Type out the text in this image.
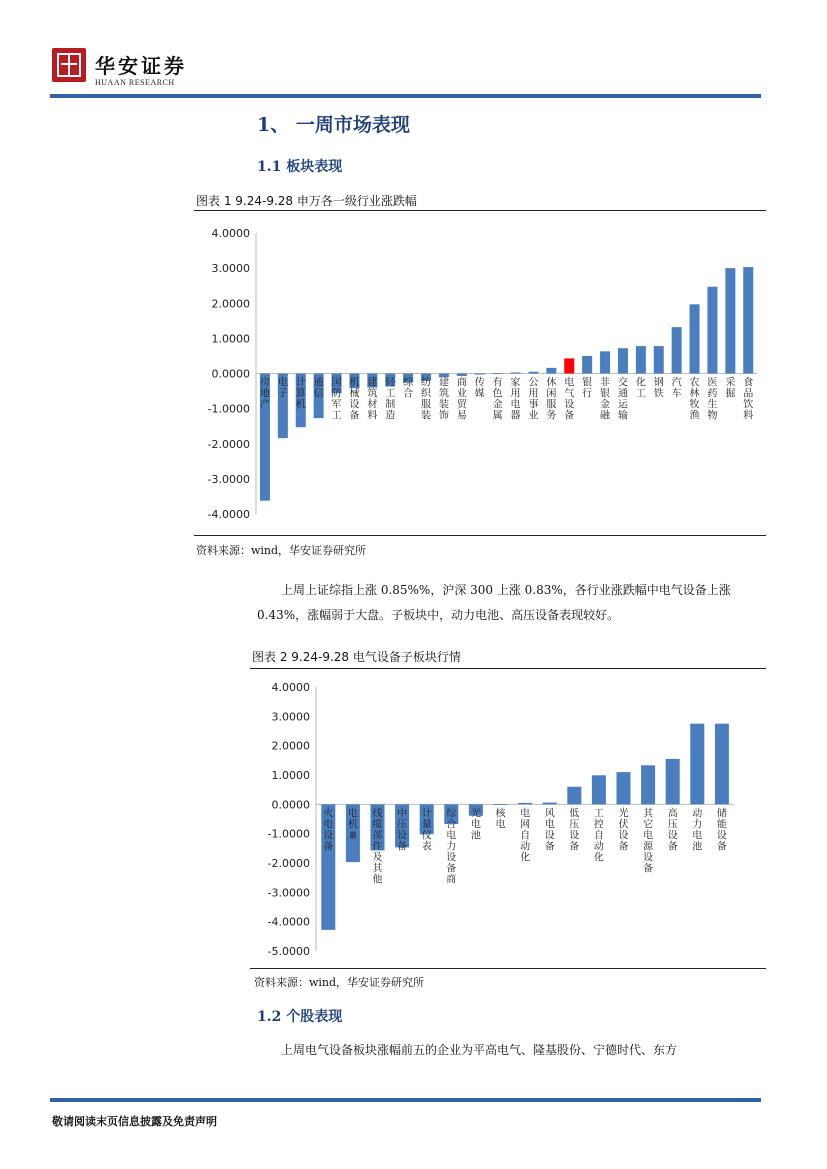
华安证券
HUAAN RESEARCH
1、 一周市场表现
1.1 板块表现
图表 1 9.24-9.28 申万各一级行业涨跌幅
4.0000
3.0000
2.0000
1.0000
0.0000
-1.0000
-2.0000
-3.0000
-4.0000
房地产
电子
计算机
通信
国防军工
机械设备
建筑材料
轻工制造
综合
纺织服装
建筑装饰
商业贸易
传媒
有色金属
家用电器
公用事业
休闲服务
电气设备
银行
非银金融
交通运输
化工
钢铁
汽车
农林牧渔
医药生物
采掘
食品饮料
资料来源：wind，华安证券研究所
上周上证综指上涨 0.85%%，沪深 300 上涨 0.83%，各行业涨跌幅中电气设备上涨 0.43%，涨幅弱于大盘。子板块中，动力电池、高压设备表现较好。
图表 2 9.24-9.28 电气设备子板块行情
4.0000
3.0000
2.0000
1.0000
0.0000
-1.0000
-2.0000
-3.0000
-4.0000
-5.0000
火电设备
电机 Ⅲ
线缆部件及其他
中压设备
计量仪表
综合电力设备商
光电池
核电
电网自动化
风电设备
低压设备
工控自动化
光伏设备
其它电源设备
高压设备
动力电池
储能设备
资料来源：wind，华安证券研究所
1.2 个股表现
上周电气设备板块涨幅前五的企业为平高电气、隆基股份、宁德时代、东方
敬请阅读末页信息披露及免责声明
